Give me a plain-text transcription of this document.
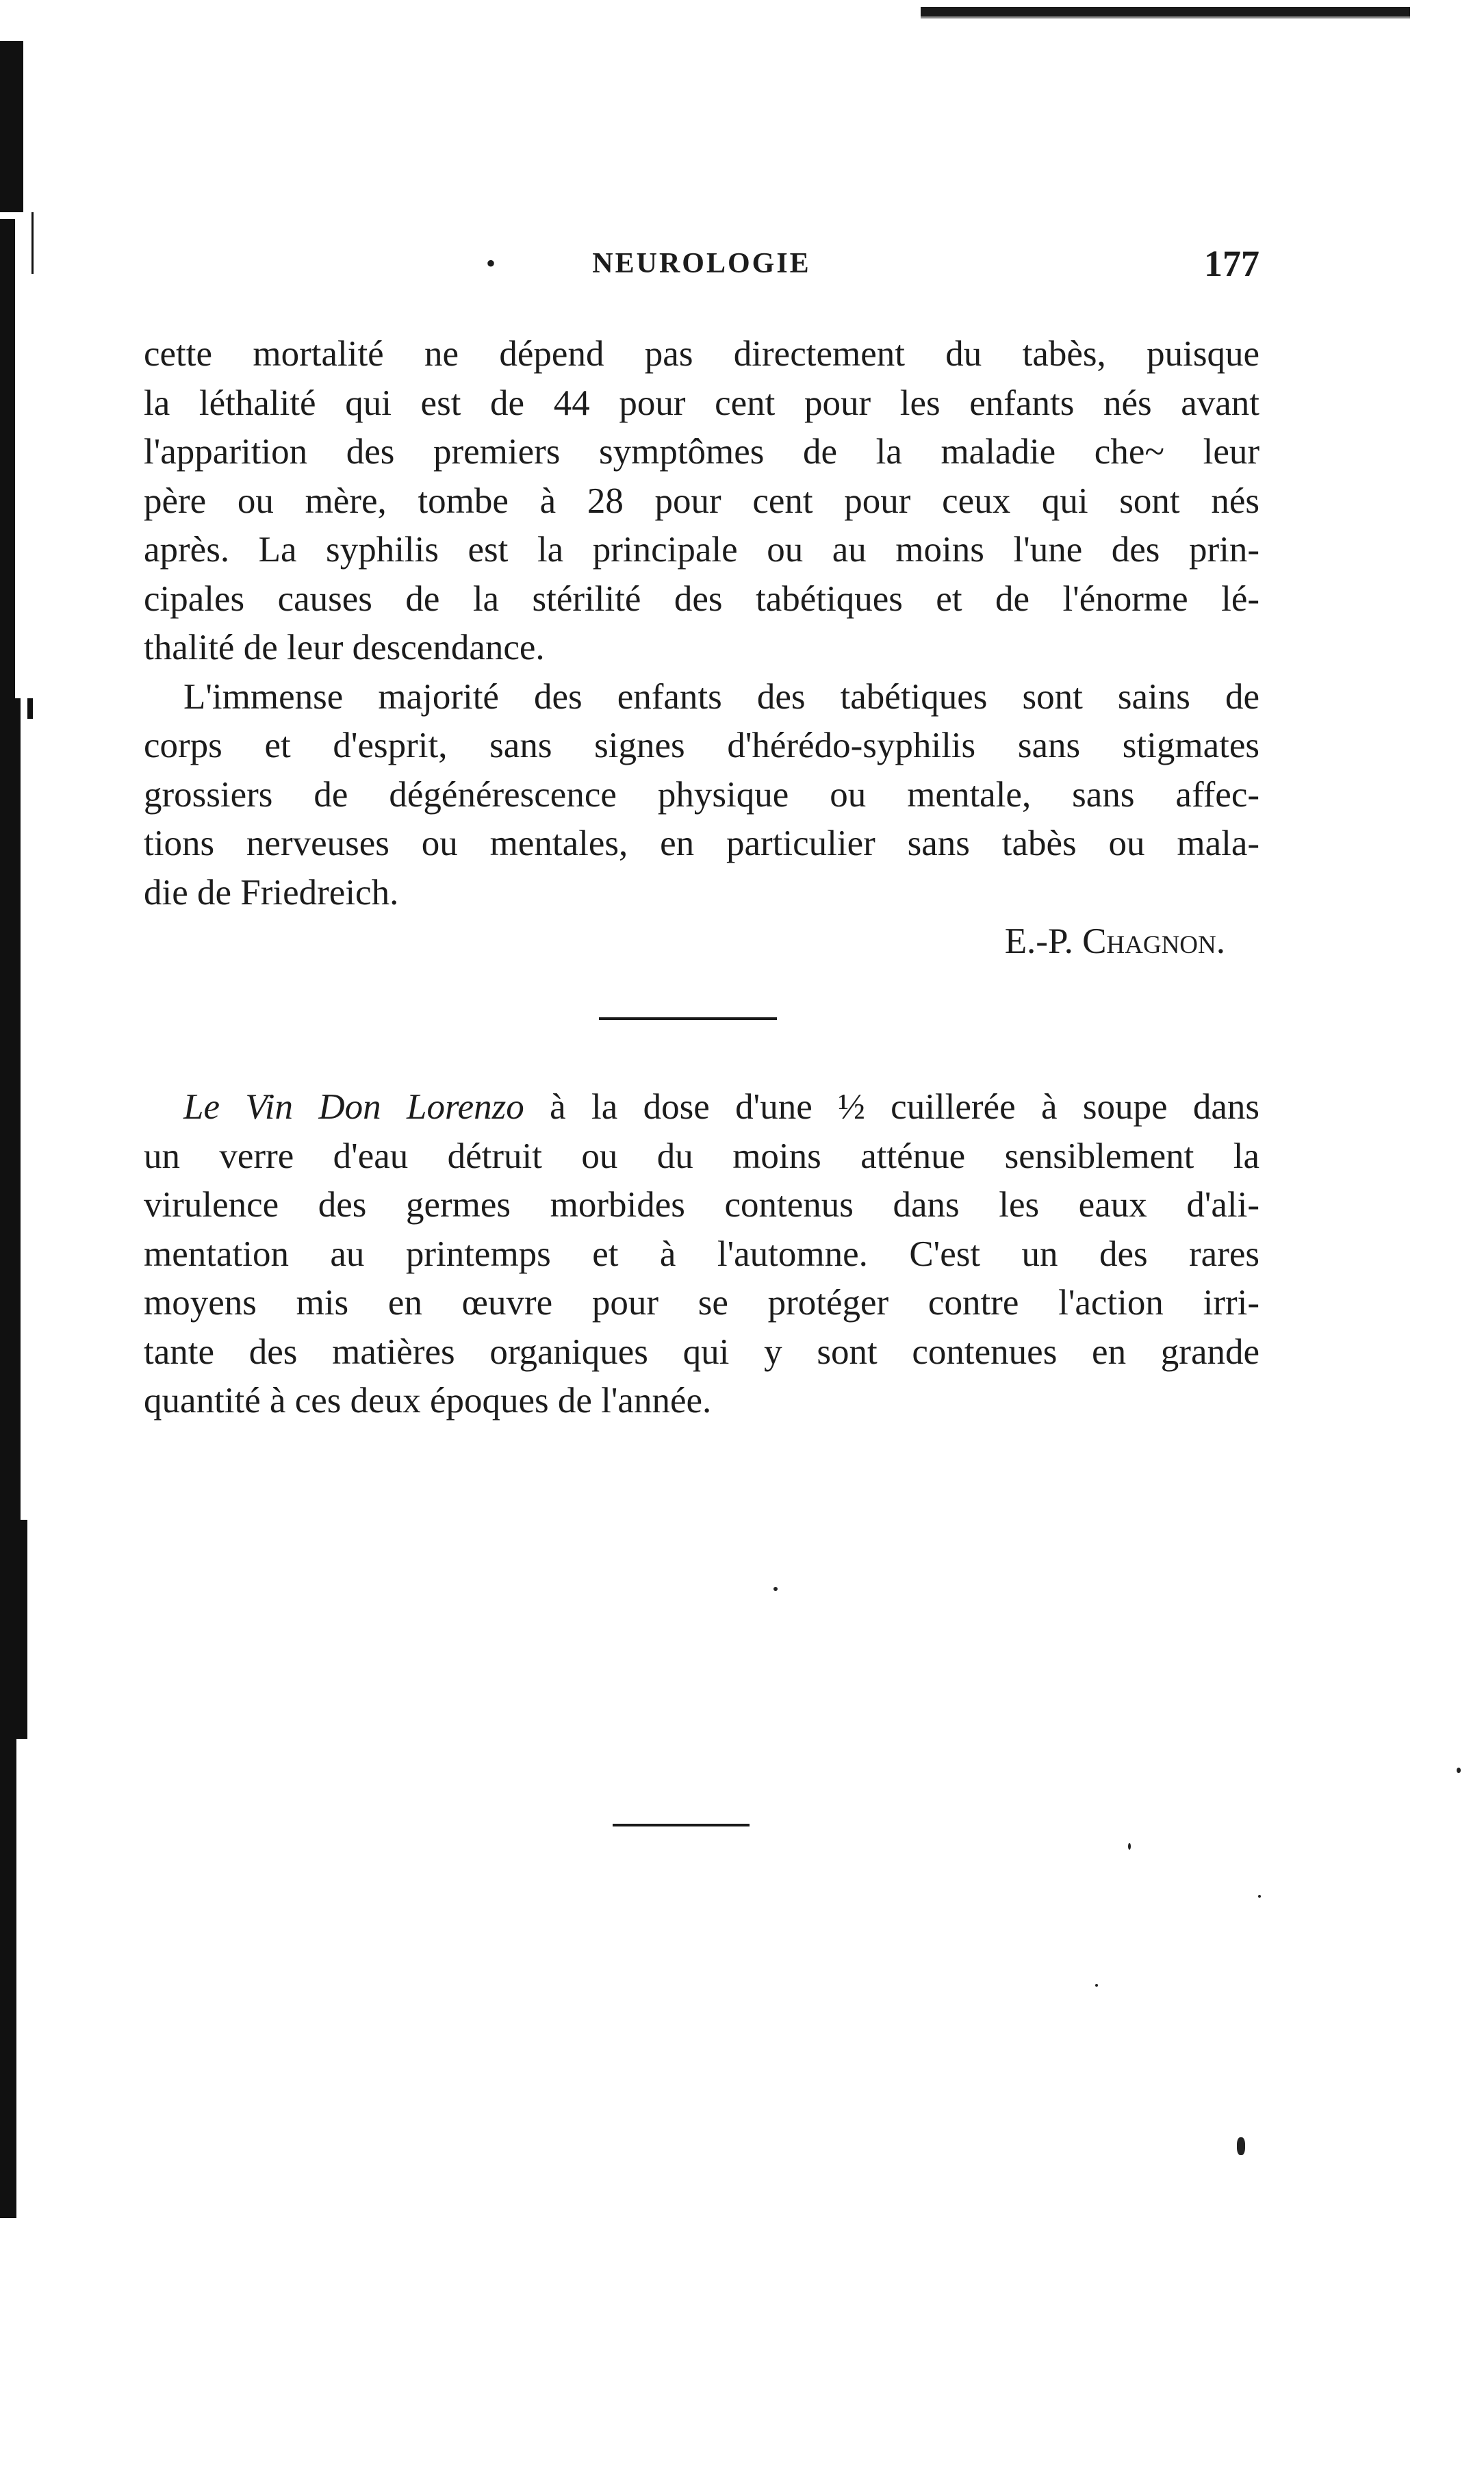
•	NEUROLOGIE	177
cette mortalité ne dépend pas directement du tabès, puisque
la léthalité qui est de 44 pour cent pour les enfants nés avant
l'apparition des premiers symptômes de la maladie che~ leur
père ou mère, tombe à 28 pour cent pour ceux qui sont nés
après. La syphilis est la principale ou au moins l'une des prin-
cipales causes de la stérilité des tabétiques et de l'énorme lé-
thalité de leur descendance.
L'immense majorité des enfants des tabétiques sont sains de
corps et d'esprit, sans signes d'hérédo-syphilis sans stigmates
grossiers de dégénérescence physique ou mentale, sans affec-
tions nerveuses ou mentales, en particulier sans tabès ou mala-
die de Friedreich.
E.-P. Chagnon.
Le Vin Don Lorenzo à la dose d'une ½ cuillerée à soupe dans
un verre d'eau détruit ou du moins atténue sensiblement la
virulence des germes morbides contenus dans les eaux d'ali-
mentation au printemps et à l'automne. C'est un des rares
moyens mis en œuvre pour se protéger contre l'action irri-
tante des matières organiques qui y sont contenues en grande
quantité à ces deux époques de l'année.
